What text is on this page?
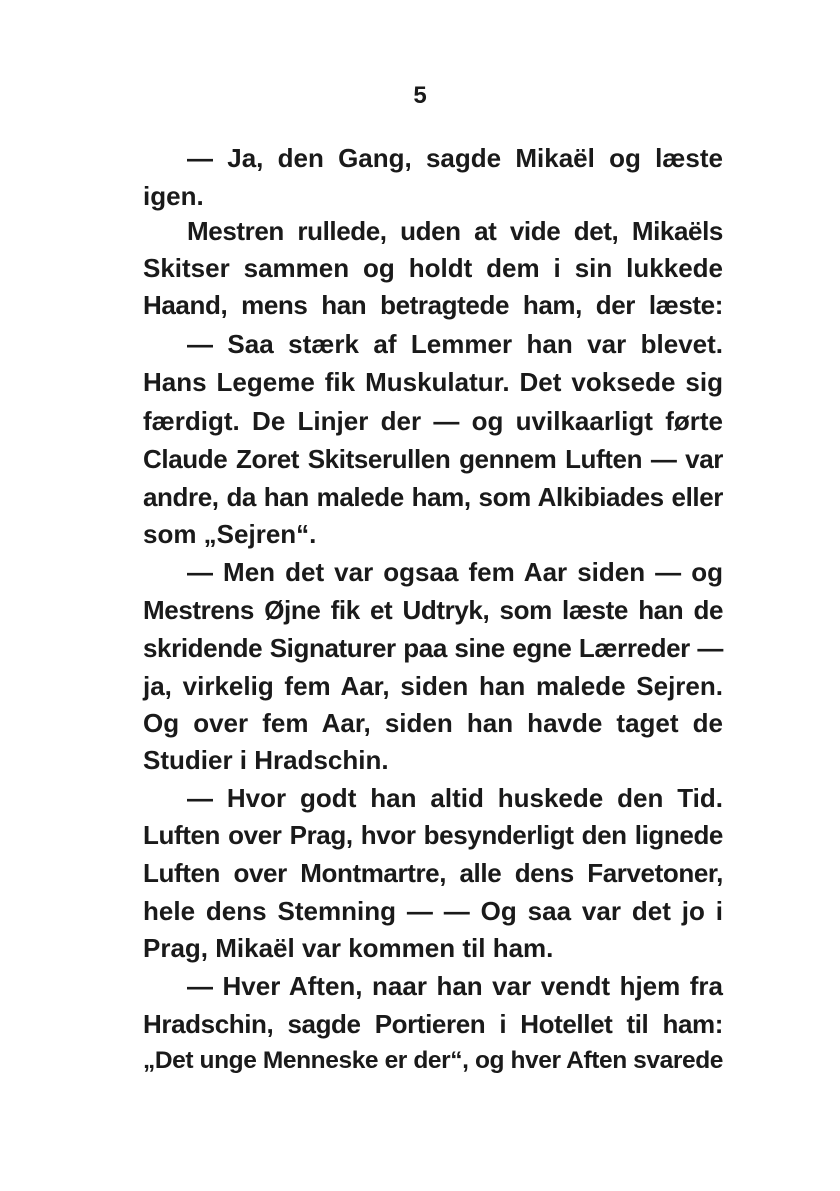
5
— Ja, den Gang, sagde Mikaël og læste
igen.
Mestren rullede, uden at vide det, Mikaëls
Skitser sammen og holdt dem i sin lukkede
Haand, mens han betragtede ham, der læste:
— Saa stærk af Lemmer han var blevet.
Hans Legeme fik Muskulatur. Det voksede sig
færdigt. De Linjer der — og uvilkaarligt førte
Claude Zoret Skitserullen gennem Luften — var
andre, da han malede ham, som Alkibiades eller
som „Sejren“.
— Men det var ogsaa fem Aar siden — og
Mestrens Øjne fik et Udtryk, som læste han de
skridende Signaturer paa sine egne Lærreder —
ja, virkelig fem Aar, siden han malede Sejren.
Og over fem Aar, siden han havde taget de
Studier i Hradschin.
— Hvor godt han altid huskede den Tid.
Luften over Prag, hvor besynderligt den lignede
Luften over Montmartre, alle dens Farvetoner,
hele dens Stemning — — Og saa var det jo i
Prag, Mikaël var kommen til ham.
— Hver Aften, naar han var vendt hjem fra
Hradschin, sagde Portieren i Hotellet til ham:
„Det unge Menneske er der“, og hver Aften svarede
